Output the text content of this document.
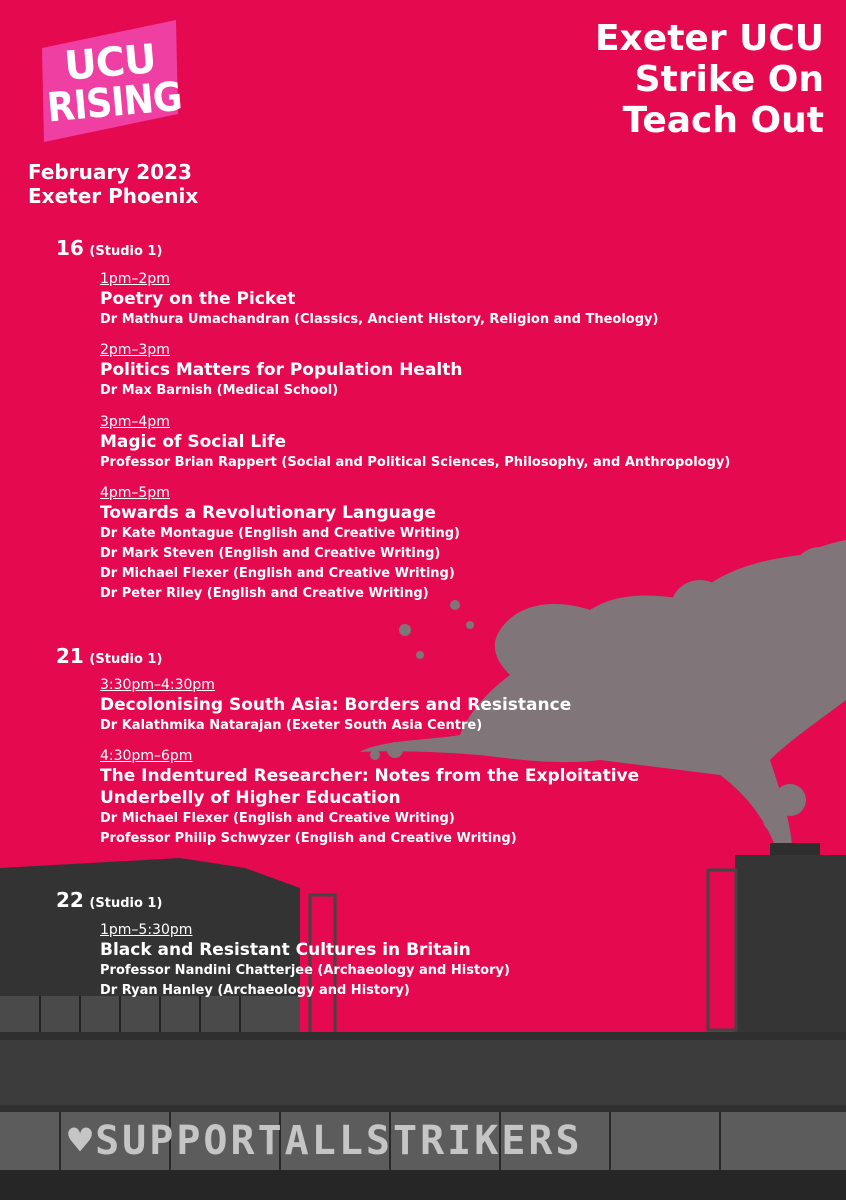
♥SUPPORTALLSTRIKERS
UCU
RISING
Exeter UCU
Strike On
Teach Out
February 2023
Exeter Phoenix
16 (Studio 1)
1pm–2pm
Poetry on the Picket
Dr Mathura Umachandran (Classics, Ancient History, Religion and Theology)
2pm–3pm
Politics Matters for Population Health
Dr Max Barnish (Medical School)
3pm–4pm
Magic of Social Life
Professor Brian Rappert (Social and Political Sciences, Philosophy, and Anthropology)
4pm–5pm
Towards a Revolutionary Language
Dr Kate Montague (English and Creative Writing)
Dr Mark Steven (English and Creative Writing)
Dr Michael Flexer (English and Creative Writing)
Dr Peter Riley (English and Creative Writing)
21 (Studio 1)
3:30pm–4:30pm
Decolonising South Asia: Borders and Resistance
Dr Kalathmika Natarajan (Exeter South Asia Centre)
4:30pm–6pm
The Indentured Researcher: Notes from the Exploitative
Underbelly of Higher Education
Dr Michael Flexer (English and Creative Writing)
Professor Philip Schwyzer (English and Creative Writing)
22 (Studio 1)
1pm–5:30pm
Black and Resistant Cultures in Britain
Professor Nandini Chatterjee (Archaeology and History)
Dr Ryan Hanley (Archaeology and History)
